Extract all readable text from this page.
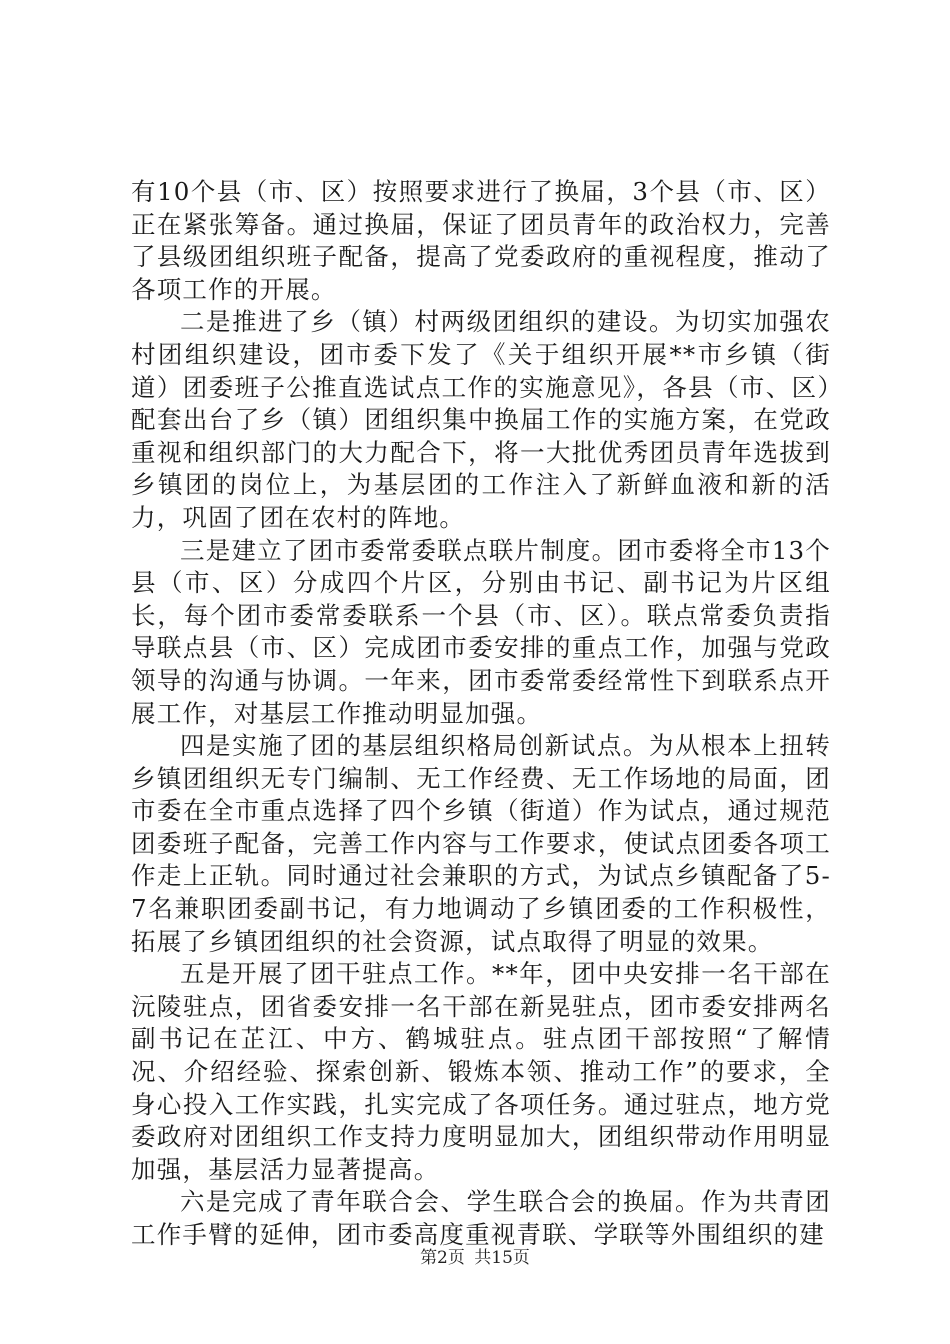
有10个县（市、区）按照要求进行了换届，3个县（市、区）正在紧张筹备。通过换届，保证了团员青年的政治权力，完善了县级团组织班子配备，提高了党委政府的重视程度，推动了各项工作的开展。

二是推进了乡（镇）村两级团组织的建设。为切实加强农村团组织建设，团市委下发了《关于组织开展**市乡镇（街道）团委班子公推直选试点工作的实施意见》，各县（市、区）配套出台了乡（镇）团组织集中换届工作的实施方案，在党政重视和组织部门的大力配合下，将一大批优秀团员青年选拔到乡镇团的岗位上，为基层团的工作注入了新鲜血液和新的活力，巩固了团在农村的阵地。

三是建立了团市委常委联点联片制度。团市委将全市13个县（市、区）分成四个片区，分别由书记、副书记为片区组长，每个团市委常委联系一个县（市、区）。联点常委负责指导联点县（市、区）完成团市委安排的重点工作，加强与党政领导的沟通与协调。一年来，团市委常委经常性下到联系点开展工作，对基层工作推动明显加强。

四是实施了团的基层组织格局创新试点。为从根本上扭转乡镇团组织无专门编制、无工作经费、无工作场地的局面，团市委在全市重点选择了四个乡镇（街道）作为试点，通过规范团委班子配备，完善工作内容与工作要求，使试点团委各项工作走上正轨。同时通过社会兼职的方式，为试点乡镇配备了5-7名兼职团委副书记，有力地调动了乡镇团委的工作积极性，拓展了乡镇团组织的社会资源，试点取得了明显的效果。

五是开展了团干驻点工作。**年，团中央安排一名干部在沅陵驻点，团省委安排一名干部在新晃驻点，团市委安排两名副书记在芷江、中方、鹤城驻点。驻点团干部按照“了解情况、介绍经验、探索创新、锻炼本领、推动工作”的要求，全身心投入工作实践，扎实完成了各项任务。通过驻点，地方党委政府对团组织工作支持力度明显加大，团组织带动作用明显加强，基层活力显著提高。

六是完成了青年联合会、学生联合会的换届。作为共青团工作手臂的延伸，团市委高度重视青联、学联等外围组织的建

第2页 共15页
